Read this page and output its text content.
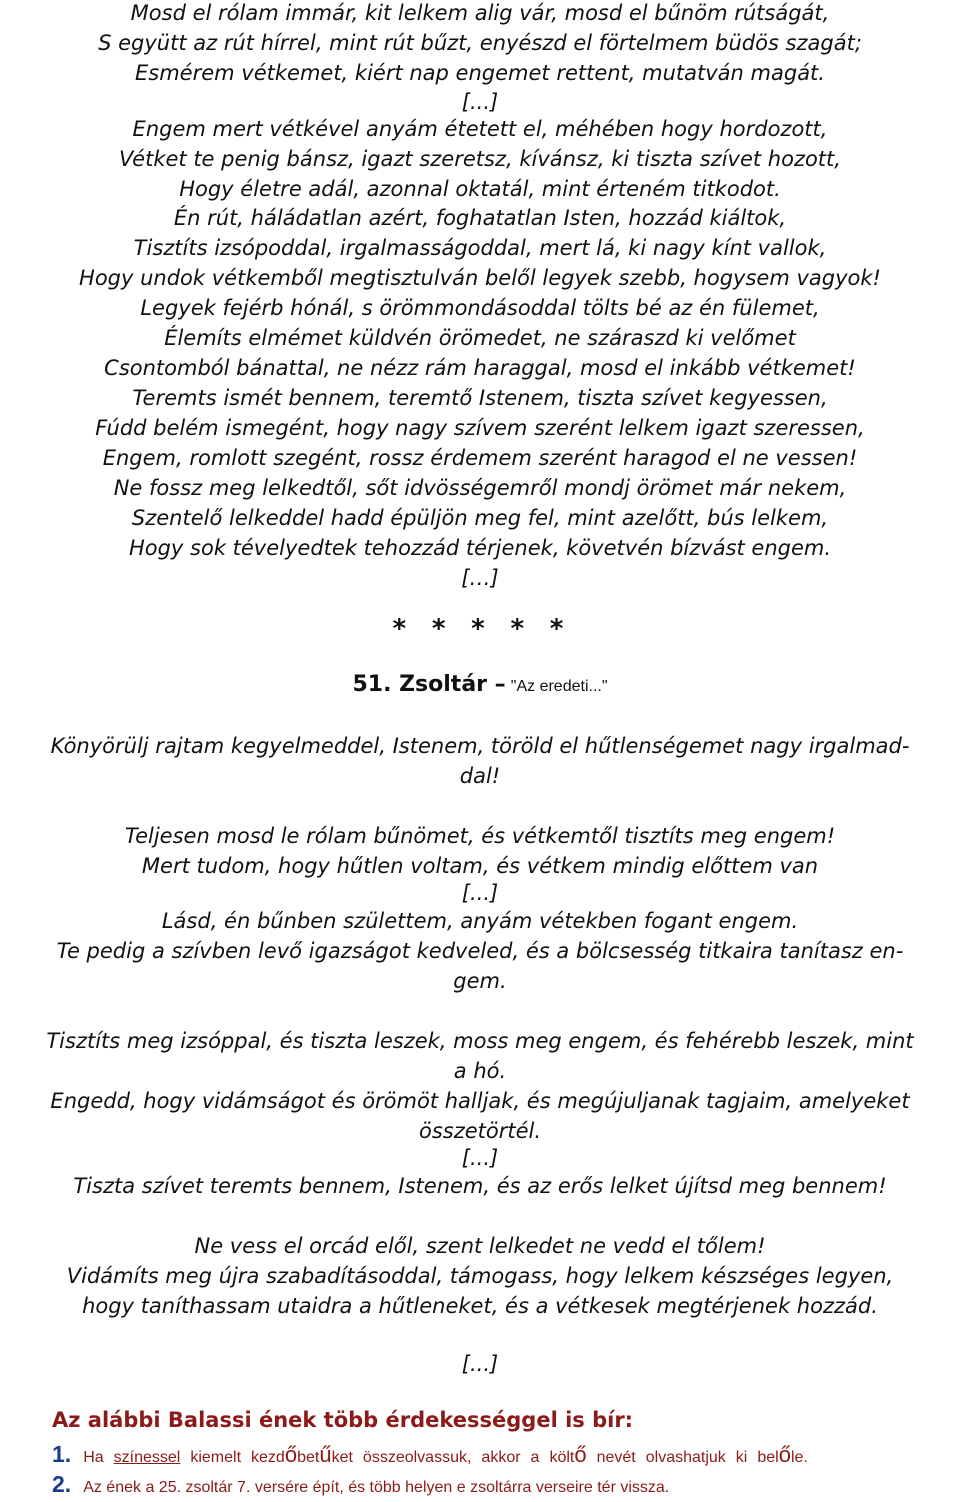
Mosd el rólam immár, kit lelkem alig vár, mosd el bűnöm rútságát,
S együtt az rút hírrel, mint rút bűzt, enyészd el förtelmem büdös szagát;
Esmérem vétkemet, kiért nap engemet rettent, mutatván magát.
[...]
Engem mert vétkével anyám étetett el, méhében hogy hordozott,
Vétket te penig bánsz, igazt szeretsz, kívánsz, ki tiszta szívet hozott,
Hogy életre adál, azonnal oktatál, mint érteném titkodot.
Én rút, háládatlan azért, foghatatlan Isten, hozzád kiáltok,
Tisztíts izsópoddal, irgalmasságoddal, mert lá, ki nagy kínt vallok,
Hogy undok vétkemből megtisztulván belől legyek szebb, hogysem vagyok!
Legyek fejérb hónál, s örömmondásoddal tölts bé az én fülemet,
Élemíts elmémet küldvén örömedet, ne száraszd ki velőmet
Csontomból bánattal, ne nézz rám haraggal, mosd el inkább vétkemet!
Teremts ismét bennem, teremtő Istenem, tiszta szívet kegyessen,
Fúdd belém ismegént, hogy nagy szívem szerént lelkem igazt szeressen,
Engem, romlott szegént, rossz érdemem szerént haragod el ne vessen!
Ne fossz meg lelkedtől, sőt idvösségemről mondj örömet már nekem,
Szentelő lelkeddel hadd épüljön meg fel, mint azelőtt, bús lelkem,
Hogy sok tévelyedtek tehozzád térjenek, követvén bízvást engem.
[…]
* * * * *
51. Zsoltár – "Az eredeti..."
Könyörülj rajtam kegyelmeddel, Istenem, töröld el hűtlenségemet nagy irgalmad-
dal!
Teljesen mosd le rólam bűnömet, és vétkemtől tisztíts meg engem!
Mert tudom, hogy hűtlen voltam, és vétkem mindig előttem van
[...]
Lásd, én bűnben születtem, anyám vétekben fogant engem.
Te pedig a szívben levő igazságot kedveled, és a bölcsesség titkaira tanítasz en-
gem.
Tisztíts meg izsóppal, és tiszta leszek, moss meg engem, és fehérebb leszek, mint
a hó.
Engedd, hogy vidámságot és örömöt halljak, és megújuljanak tagjaim, amelyeket
összetörtél.
[...]
Tiszta szívet teremts bennem, Istenem, és az erős lelket újítsd meg bennem!
Ne vess el orcád elől, szent lelkedet ne vedd el tőlem!
Vidámíts meg újra szabadításoddal, támogass, hogy lelkem készséges legyen,
hogy taníthassam utaidra a hűtleneket, és a vétkesek megtérjenek hozzád.
[...]
Az alábbi Balassi ének több érdekességgel is bír:
1. Ha színessel kiemelt kezdőbetűket összeolvassuk, akkor a költő nevét olvashatjuk ki belőle.
2. Az ének a 25. zsoltár 7. versére épít, és több helyen e zsoltárra verseire tér vissza.
